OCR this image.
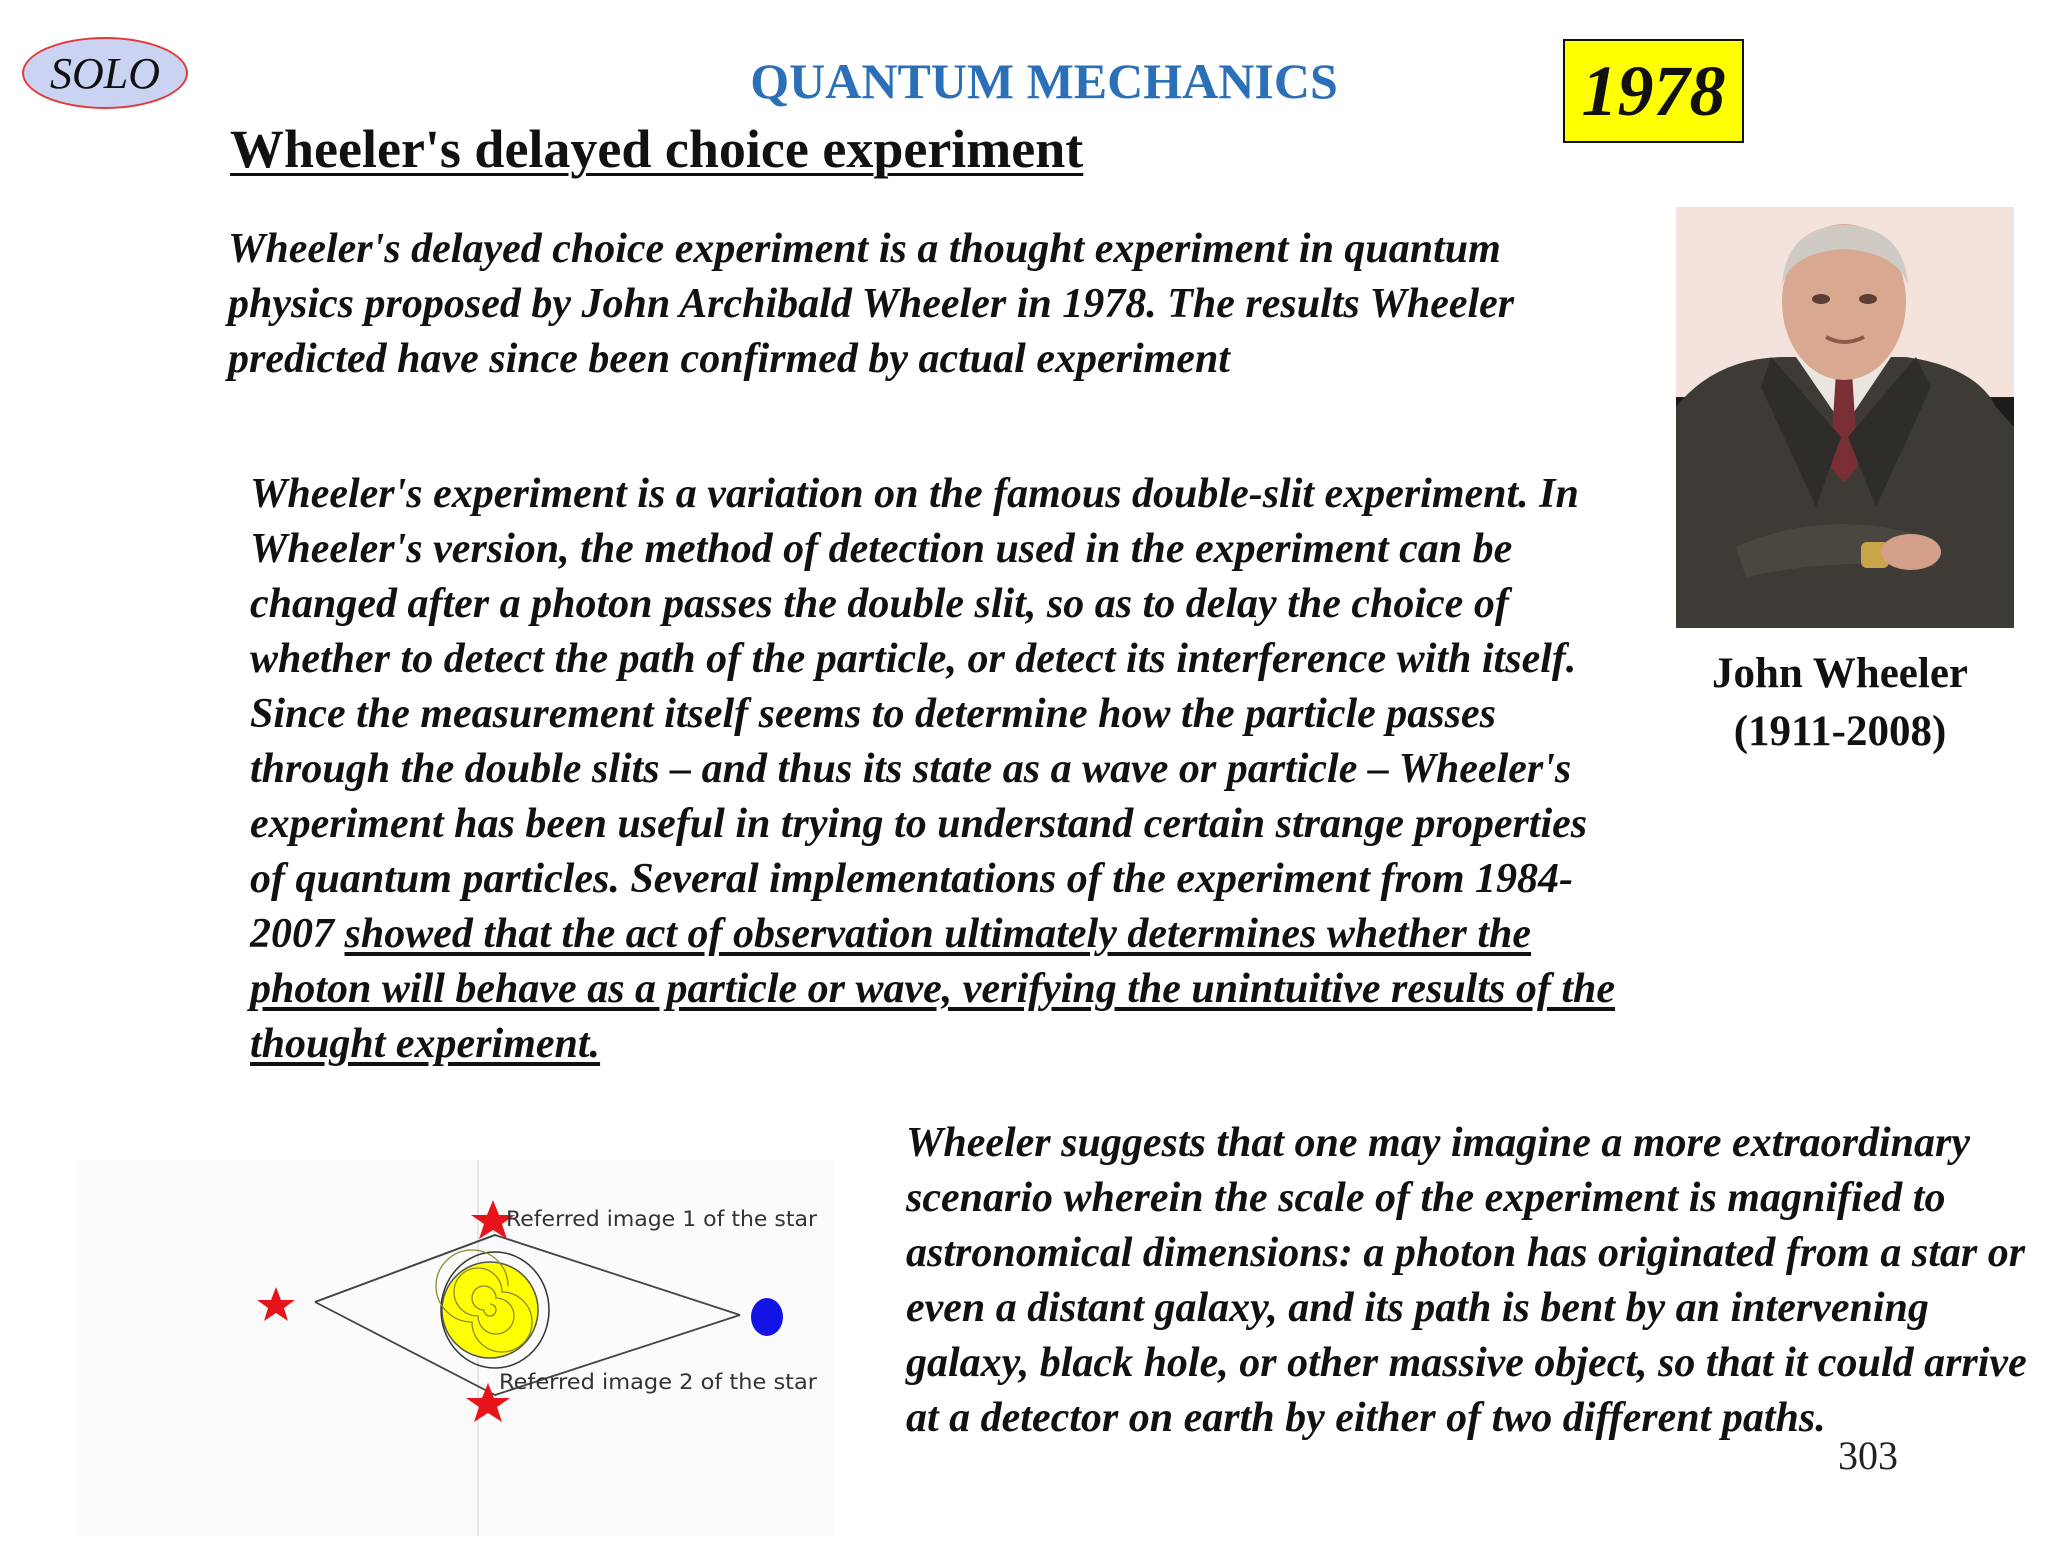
SOLO	QUANTUM MECHANICS	1978
Wheeler's delayed choice experiment

Wheeler's delayed choice experiment is a thought experiment in quantum physics proposed by John Archibald Wheeler in 1978. The results Wheeler predicted have since been confirmed by actual experiment

Wheeler's experiment is a variation on the famous double-slit experiment. In Wheeler's version, the method of detection used in the experiment can be changed after a photon passes the double slit, so as to delay the choice of whether to detect the path of the particle, or detect its interference with itself. Since the measurement itself seems to determine how the particle passes through the double slits – and thus its state as a wave or particle – Wheeler's experiment has been useful in trying to understand certain strange properties of quantum particles. Several implementations of the experiment from 1984-2007 showed that the act of observation ultimately determines whether the photon will behave as a particle or wave, verifying the unintuitive results of the thought experiment.

John Wheeler
(1911-2008)
Referred image 1 of the star
Referred image 2 of the star

Wheeler suggests that one may imagine a more extraordinary scenario wherein the scale of the experiment is magnified to astronomical dimensions: a photon has originated from a star or even a distant galaxy, and its path is bent by an intervening galaxy, black hole, or other massive object, so that it could arrive at a detector on earth by either of two different paths.

303
